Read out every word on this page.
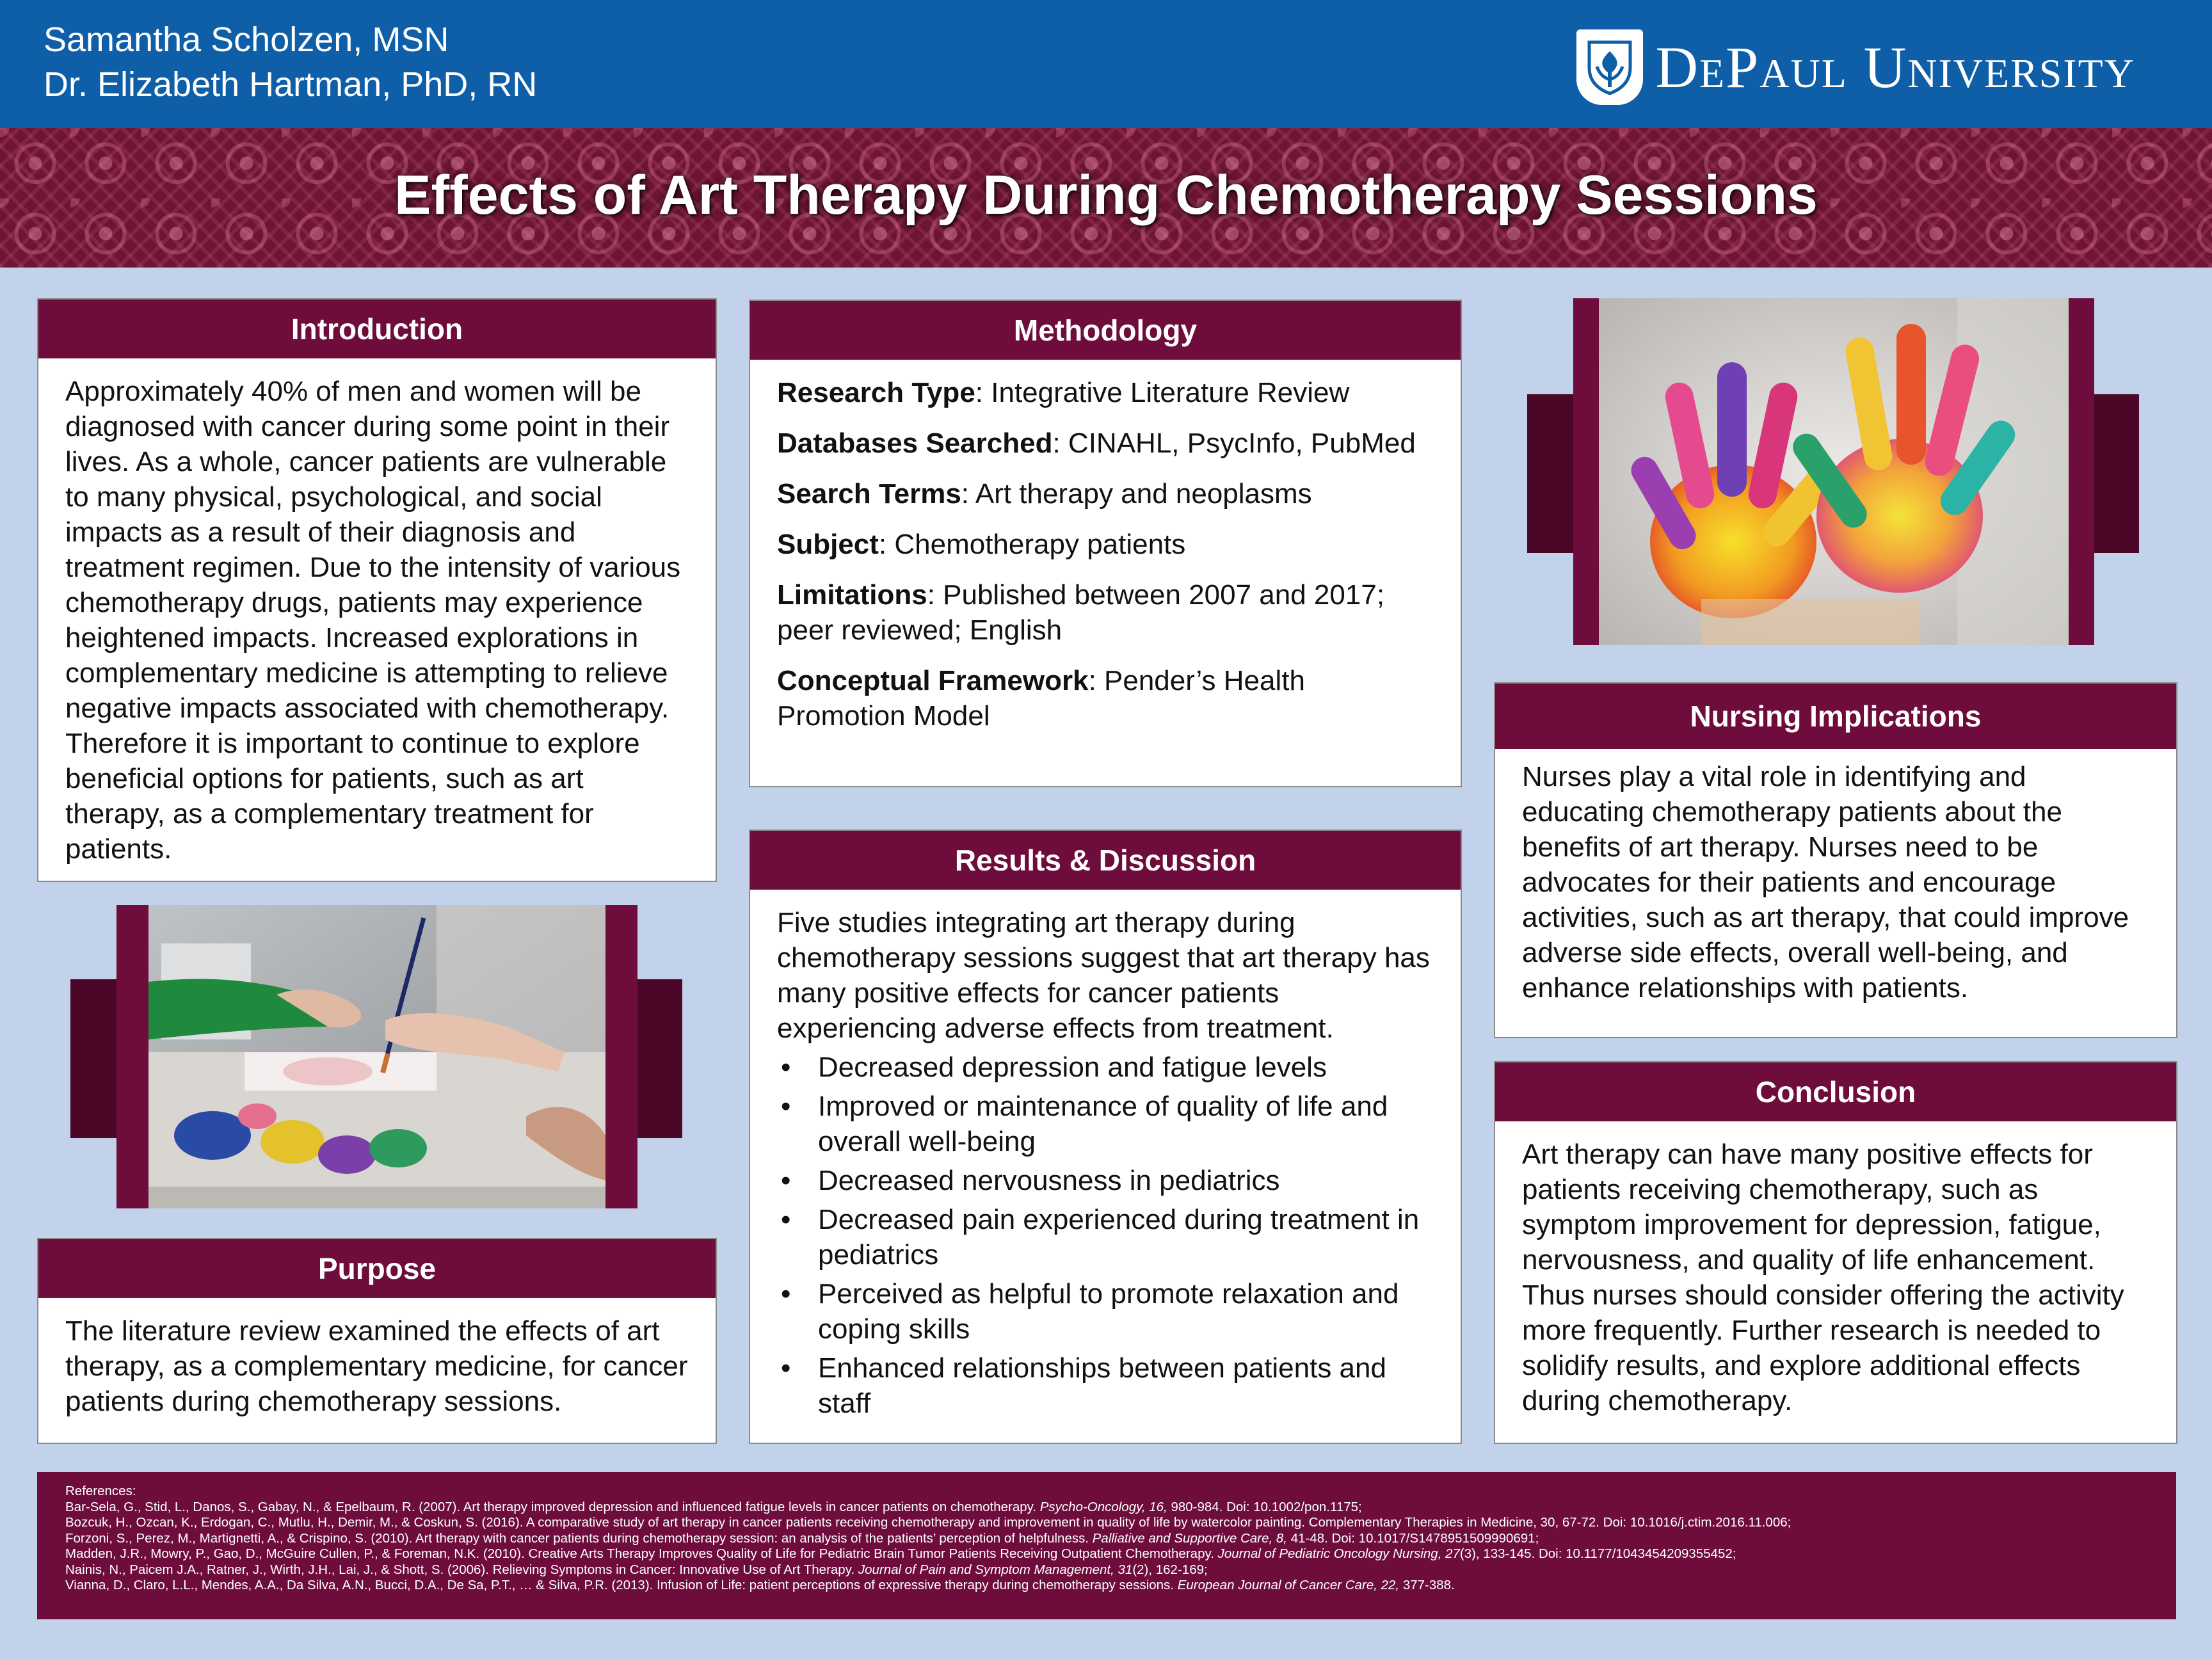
Samantha Scholzen, MSN
Dr. Elizabeth Hartman, PhD, RN	DePaul University
Effects of Art Therapy During Chemotherapy Sessions
Introduction

Approximately 40% of men and women will be diagnosed with cancer during some point in their lives. As a whole, cancer patients are vulnerable to many physical, psychological, and social impacts as a result of their diagnosis and treatment regimen. Due to the intensity of various chemotherapy drugs, patients may experience heightened impacts. Increased explorations in complementary medicine is attempting to relieve negative impacts associated with chemotherapy. Therefore it is important to continue to explore beneficial options for patients, such as art therapy, as a complementary treatment for patients.

Purpose

The literature review examined the effects of art therapy, as a complementary medicine, for cancer patients during chemotherapy sessions.

Methodology

Research Type: Integrative Literature Review

Databases Searched: CINAHL, PsycInfo, PubMed

Search Terms: Art therapy and neoplasms

Subject: Chemotherapy patients

Limitations: Published between 2007 and 2017; peer reviewed; English

Conceptual Framework: Pender’s Health Promotion Model

Results & Discussion

Five studies integrating art therapy during chemotherapy sessions suggest that art therapy has many positive effects for cancer patients experiencing adverse effects from treatment.

• Decreased depression and fatigue levels
• Improved or maintenance of quality of life and overall well-being
• Decreased nervousness in pediatrics
• Decreased pain experienced during treatment in pediatrics
• Perceived as helpful to promote relaxation and coping skills
• Enhanced relationships between patients and staff
Nursing Implications

Nurses play a vital role in identifying and educating chemotherapy patients about the benefits of art therapy. Nurses need to be advocates for their patients and encourage activities, such as art therapy, that could improve adverse side effects, overall well-being, and enhance relationships with patients.

Conclusion

Art therapy can have many positive effects for patients receiving chemotherapy, such as symptom improvement for depression, fatigue, nervousness, and quality of life enhancement. Thus nurses should consider offering the activity more frequently. Further research is needed to solidify results, and explore additional effects during chemotherapy.

References:
Bar-Sela, G., Stid, L., Danos, S., Gabay, N., & Epelbaum, R. (2007). Art therapy improved depression and influenced fatigue levels in cancer patients on chemotherapy. Psycho-Oncology, 16, 980-984. Doi: 10.1002/pon.1175;
Bozcuk, H., Ozcan, K., Erdogan, C., Mutlu, H., Demir, M., & Coskun, S. (2016). A comparative study of art therapy in cancer patients receiving chemotherapy and improvement in quality of life by watercolor painting. Complementary Therapies in Medicine, 30, 67-72. Doi: 10.1016/j.ctim.2016.11.006;
Forzoni, S., Perez, M., Martignetti, A., & Crispino, S. (2010). Art therapy with cancer patients during chemotherapy session: an analysis of the patients’ perception of helpfulness. Palliative and Supportive Care, 8, 41-48. Doi: 10.1017/S1478951509990691;
Madden, J.R., Mowry, P., Gao, D., McGuire Cullen, P., & Foreman, N.K. (2010). Creative Arts Therapy Improves Quality of Life for Pediatric Brain Tumor Patients Receiving Outpatient Chemotherapy. Journal of Pediatric Oncology Nursing, 27(3), 133-145. Doi: 10.1177/1043454209355452;
Nainis, N., Paicem J.A., Ratner, J., Wirth, J.H., Lai, J., & Shott, S. (2006). Relieving Symptoms in Cancer: Innovative Use of Art Therapy. Journal of Pain and Symptom Management, 31(2), 162-169;
Vianna, D., Claro, L.L., Mendes, A.A., Da Silva, A.N., Bucci, D.A., De Sa, P.T., … & Silva, P.R. (2013). Infusion of Life: patient perceptions of expressive therapy during chemotherapy sessions. European Journal of Cancer Care, 22, 377-388.
